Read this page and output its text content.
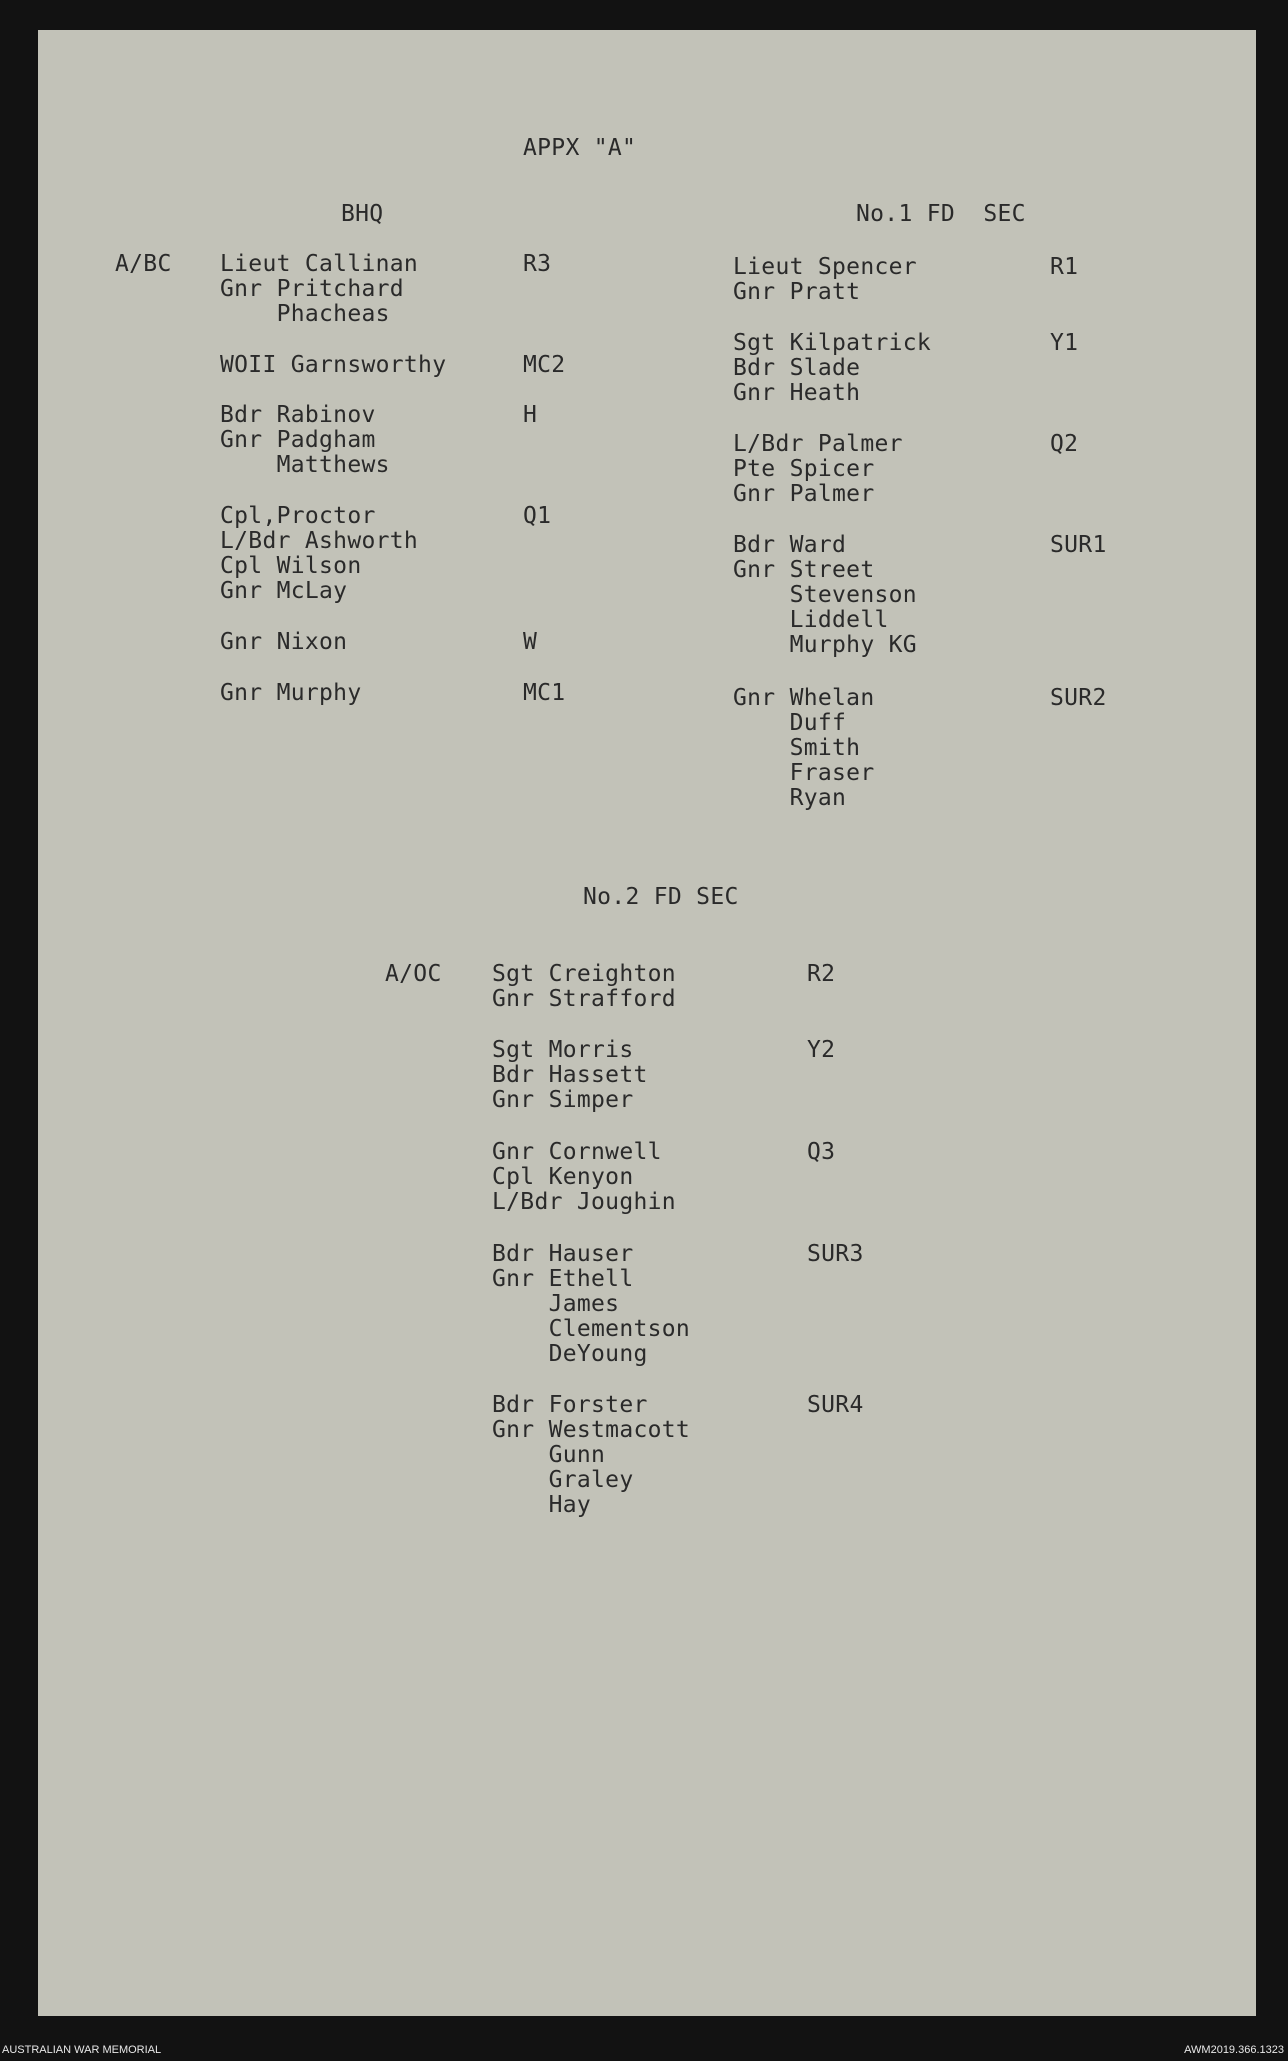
APPX "A"
BHQ	No.1 FD  SEC
A/BC Lieut Callinan	R3
Gnr Pritchard
Phacheas
WOII Garnsworthy	MC2
Bdr Rabinov	H
Gnr Padgham
Matthews
Cpl,Proctor	Q1
L/Bdr Ashworth
Cpl Wilson
Gnr McLay
Gnr Nixon	W
Gnr Murphy	MC1
Lieut Spencer	R1
Gnr Pratt
Sgt Kilpatrick	Y1
Bdr Slade
Gnr Heath
L/Bdr Palmer	Q2
Pte Spicer
Gnr Palmer
Bdr Ward	SUR1
Gnr Street
Stevenson
Liddell
Murphy KG
Gnr Whelan	SUR2
Duff
Smith
Fraser
Ryan
No.2 FD SEC
A/OC Sgt Creighton	R2
Gnr Strafford
Sgt Morris	Y2
Bdr Hassett
Gnr Simper
Gnr Cornwell	Q3
Cpl Kenyon
L/Bdr Joughin
Bdr Hauser	SUR3
Gnr Ethell
James
Clementson
DeYoung
Bdr Forster	SUR4
Gnr Westmacott
Gunn
Graley
Hay
AUSTRALIAN WAR MEMORIAL	AWM2019.366.1323
